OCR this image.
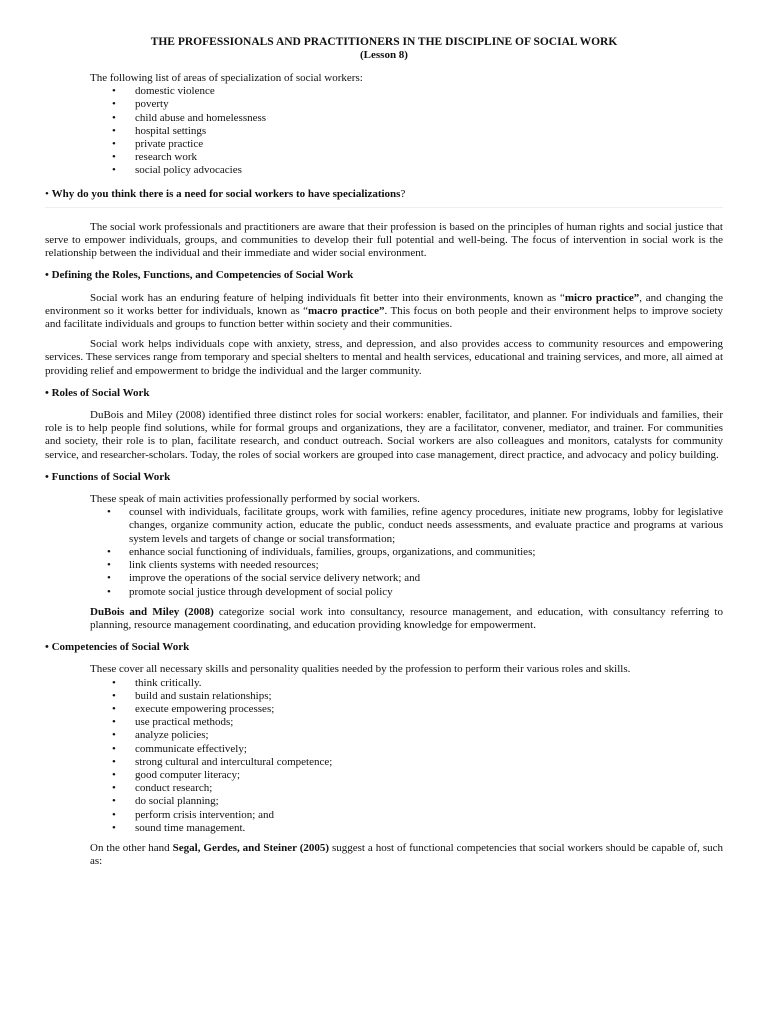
THE PROFESSIONALS AND PRACTITIONERS IN THE DISCIPLINE OF SOCIAL WORK
(Lesson 8)

The following list of areas of specialization of social workers:

• domestic violence
• poverty
• child abuse and homelessness
• hospital settings
• private practice
• research work
• social policy advocacies

• Why do you think there is a need for social workers to have specializations?

The social work professionals and practitioners are aware that their profession is based on the principles of human rights and social justice that serve to empower individuals, groups, and communities to develop their full potential and well-being. The focus of intervention in social work is the relationship between the individual and their immediate and wider social environment.

• Defining the Roles, Functions, and Competencies of Social Work

Social work has an enduring feature of helping individuals fit better into their environments, known as “micro practice”, and changing the environment so it works better for individuals, known as “macro practice”. This focus on both people and their environment helps to improve society and facilitate individuals and groups to function better within society and their communities.

Social work helps individuals cope with anxiety, stress, and depression, and also provides access to community resources and empowering services. These services range from temporary and special shelters to mental and health services, educational and training services, and more, all aimed at providing relief and empowerment to bridge the individual and the larger community.

• Roles of Social Work

DuBois and Miley (2008) identified three distinct roles for social workers: enabler, facilitator, and planner. For individuals and families, their role is to help people find solutions, while for formal groups and organizations, they are a facilitator, convener, mediator, and trainer. For communities and society, their role is to plan, facilitate research, and conduct outreach. Social workers are also colleagues and monitors, catalysts for community service, and researcher-scholars. Today, the roles of social workers are grouped into case management, direct practice, and advocacy and policy building.

• Functions of Social Work

These speak of main activities professionally performed by social workers.

• counsel with individuals, facilitate groups, work with families, refine agency procedures, initiate new programs, lobby for legislative changes, organize community action, educate the public, conduct needs assessments, and evaluate practice and programs at various system levels and targets of change or social transformation;
• enhance social functioning of individuals, families, groups, organizations, and communities;
• link clients systems with needed resources;
• improve the operations of the social service delivery network; and
• promote social justice through development of social policy

DuBois and Miley (2008) categorize social work into consultancy, resource management, and education, with consultancy referring to planning, resource management coordinating, and education providing knowledge for empowerment.

• Competencies of Social Work

These cover all necessary skills and personality qualities needed by the profession to perform their various roles and skills.

• think critically.
• build and sustain relationships;
• execute empowering processes;
• use practical methods;
• analyze policies;
• communicate effectively;
• strong cultural and intercultural competence;
• good computer literacy;
• conduct research;
• do social planning;
• perform crisis intervention; and
• sound time management.

On the other hand Segal, Gerdes, and Steiner (2005) suggest a host of functional competencies that social workers should be capable of, such as:
